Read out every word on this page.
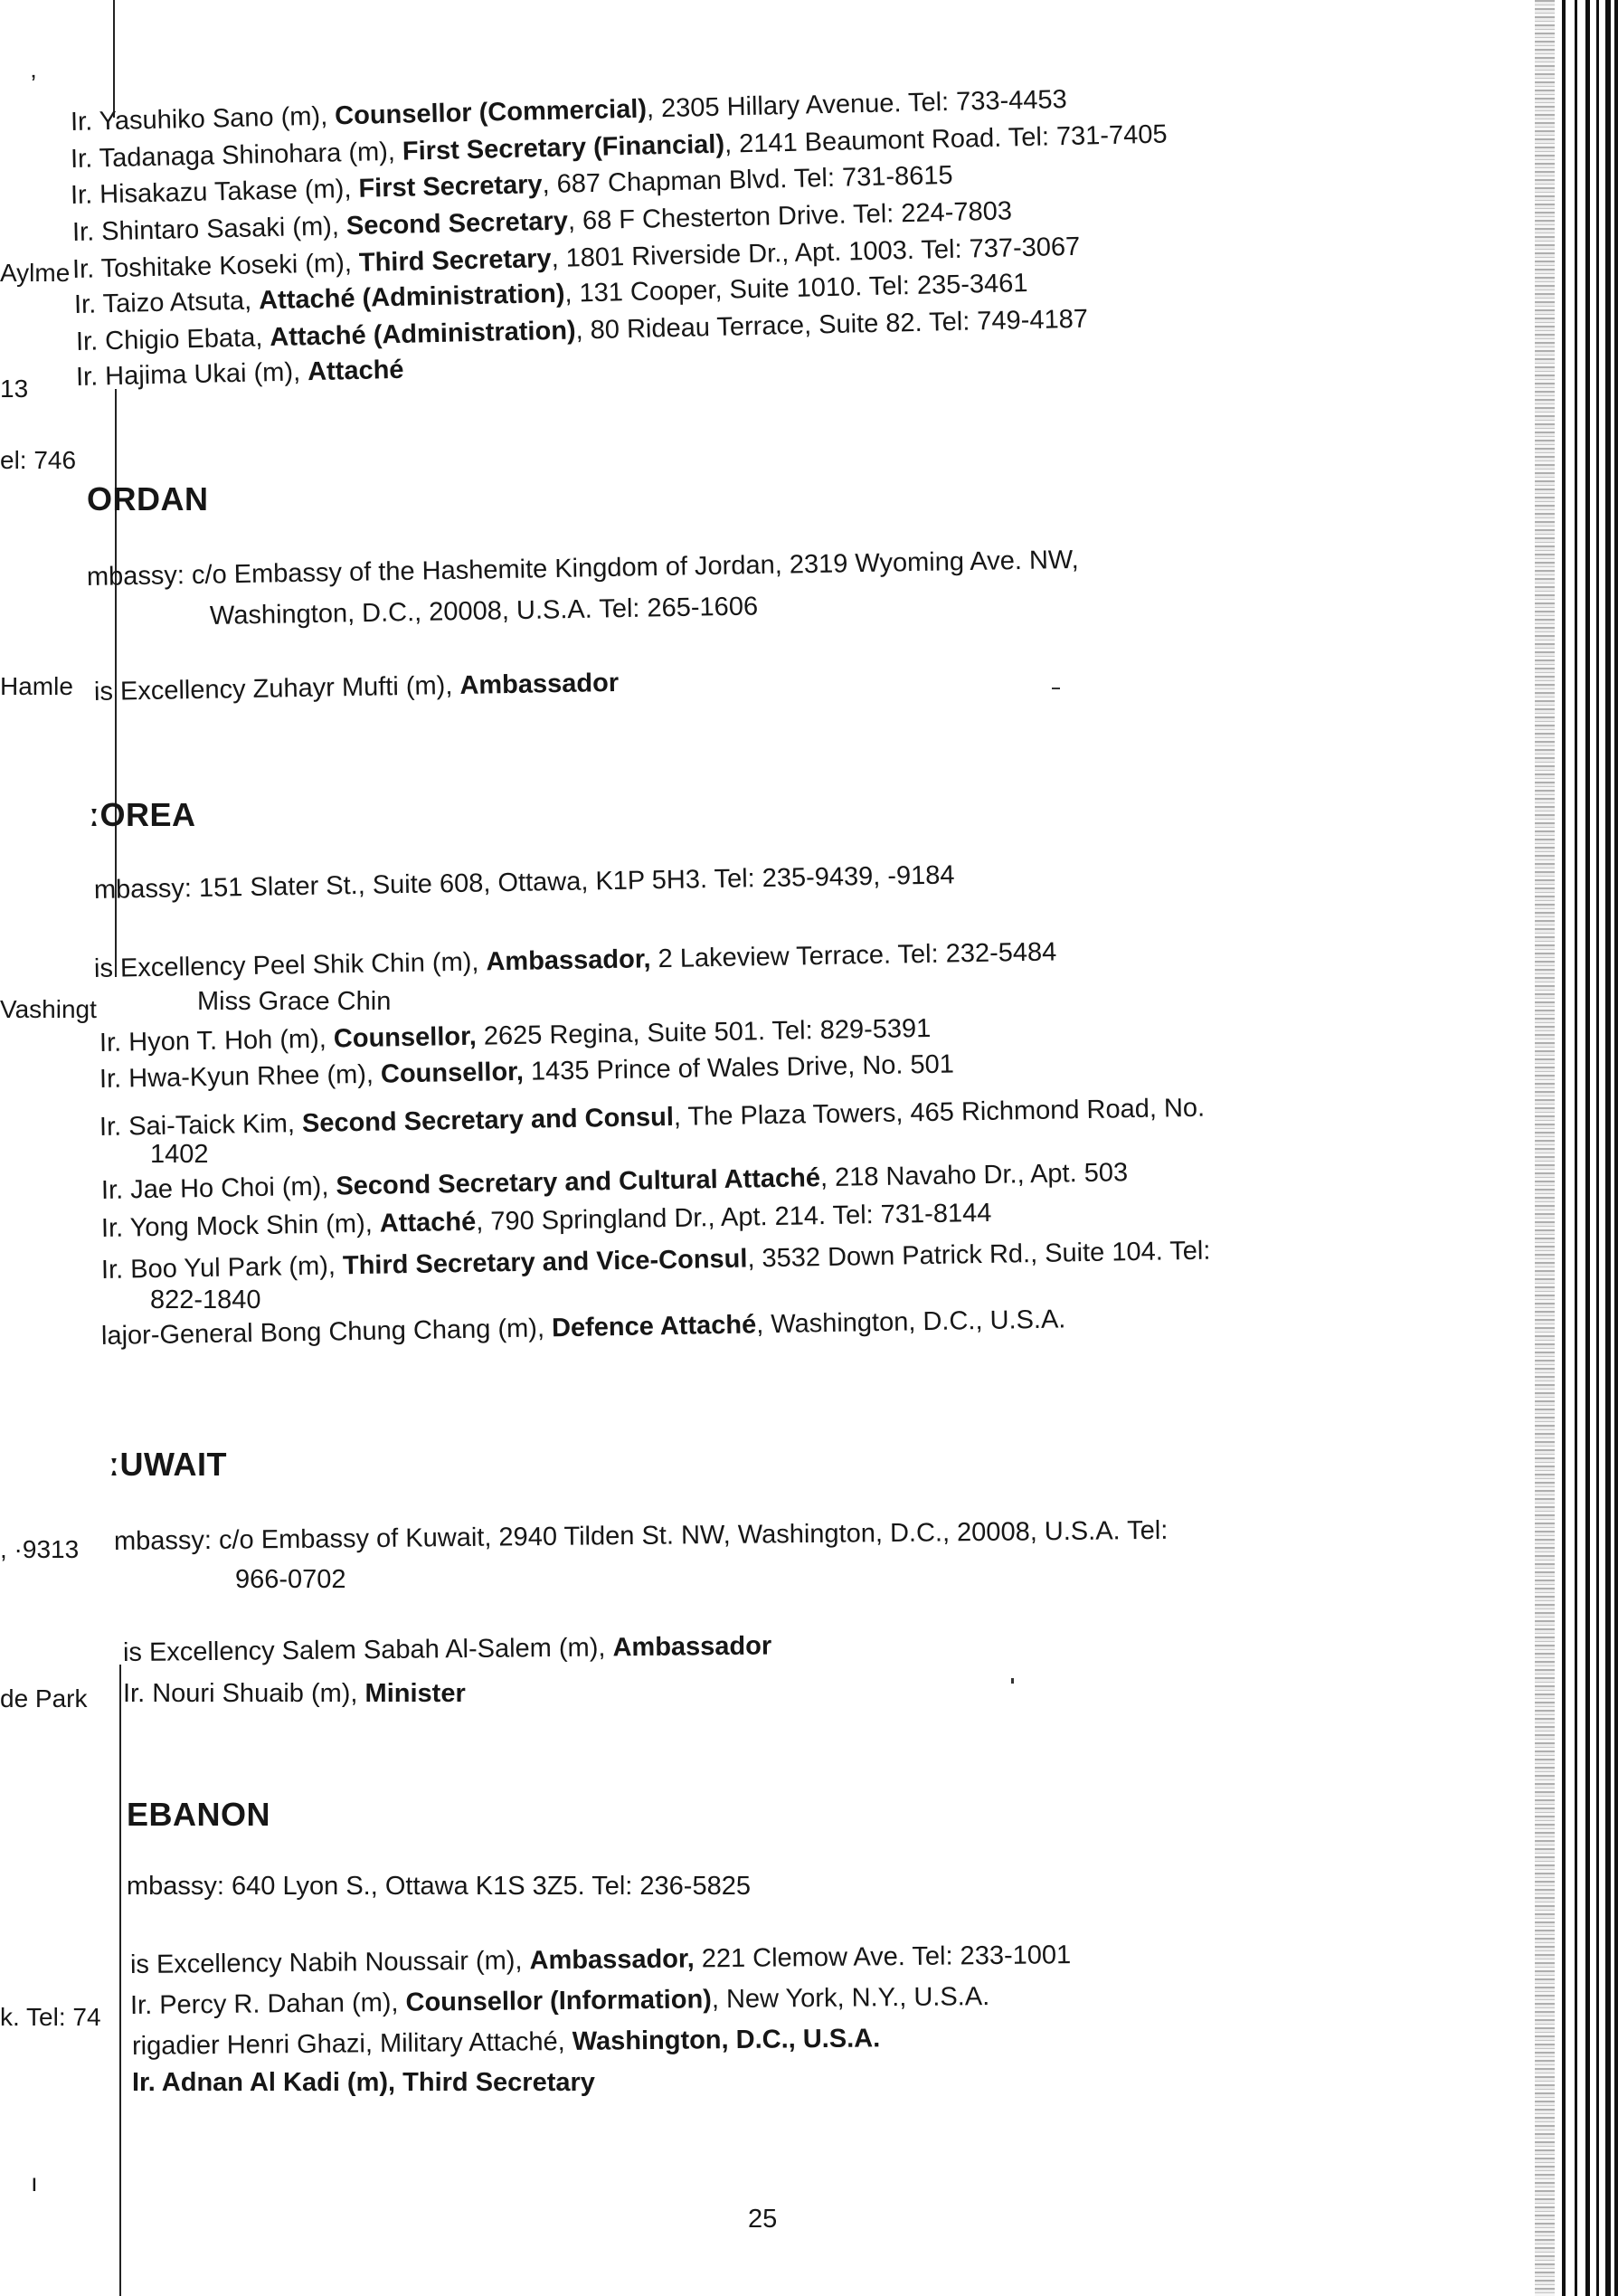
ʼ
Aylme
13
el: 746
Hamle
Vashingt
, ·9313
de Park
k. Tel: 74
ı
Ir. Yasuhiko Sano (m), Counsellor (Commercial), 2305 Hillary Avenue. Tel: 733-4453
Ir. Tadanaga Shinohara (m), First Secretary (Financial), 2141 Beaumont Road. Tel: 731-7405
Ir. Hisakazu Takase (m), First Secretary, 687 Chapman Blvd. Tel: 731-8615
Ir. Shintaro Sasaki (m), Second Secretary, 68 F Chesterton Drive. Tel: 224-7803
Ir. Toshitake Koseki (m), Third Secretary, 1801 Riverside Dr., Apt. 1003. Tel: 737-3067
Ir. Taizo Atsuta, Attaché (Administration), 131 Cooper, Suite 1010. Tel: 235-3461
Ir. Chigio Ebata, Attaché (Administration), 80 Rideau Terrace, Suite 82. Tel: 749-4187
Ir. Hajima Ukai (m), Attaché
ORDAN
mbassy: c/o Embassy of the Hashemite Kingdom of Jordan, 2319 Wyoming Ave. NW,
Washington, D.C., 20008, U.S.A. Tel: 265-1606
is Excellency Zuhayr Mufti (m), Ambassador
ːOREA
mbassy: 151 Slater St., Suite 608, Ottawa, K1P 5H3. Tel: 235-9439, -9184
is Excellency Peel Shik Chin (m), Ambassador, 2 Lakeview Terrace. Tel: 232-5484
Miss Grace Chin
Ir. Hyon T. Hoh (m), Counsellor, 2625 Regina, Suite 501. Tel: 829-5391
Ir. Hwa-Kyun Rhee (m), Counsellor, 1435 Prince of Wales Drive, No. 501
Ir. Sai-Taick Kim, Second Secretary and Consul, The Plaza Towers, 465 Richmond Road, No.
1402
Ir. Jae Ho Choi (m), Second Secretary and Cultural Attaché, 218 Navaho Dr., Apt. 503
Ir. Yong Mock Shin (m), Attaché, 790 Springland Dr., Apt. 214. Tel: 731-8144
Ir. Boo Yul Park (m), Third Secretary and Vice-Consul, 3532 Down Patrick Rd., Suite 104. Tel:
822-1840
lajor-General Bong Chung Chang (m), Defence Attaché, Washington, D.C., U.S.A.
ːUWAIT
mbassy: c/o Embassy of Kuwait, 2940 Tilden St. NW, Washington, D.C., 20008, U.S.A. Tel:
966-0702
is Excellency Salem Sabah Al-Salem (m), Ambassador
Ir. Nouri Shuaib (m), Minister
EBANON
mbassy: 640 Lyon S., Ottawa K1S 3Z5. Tel: 236-5825
is Excellency Nabih Noussair (m), Ambassador, 221 Clemow Ave. Tel: 233-1001
Ir. Percy R. Dahan (m), Counsellor (Information), New York, N.Y., U.S.A.
rigadier Henri Ghazi, Military Attaché, Washington, D.C., U.S.A.
Ir. Adnan Al Kadi (m), Third Secretary
25
